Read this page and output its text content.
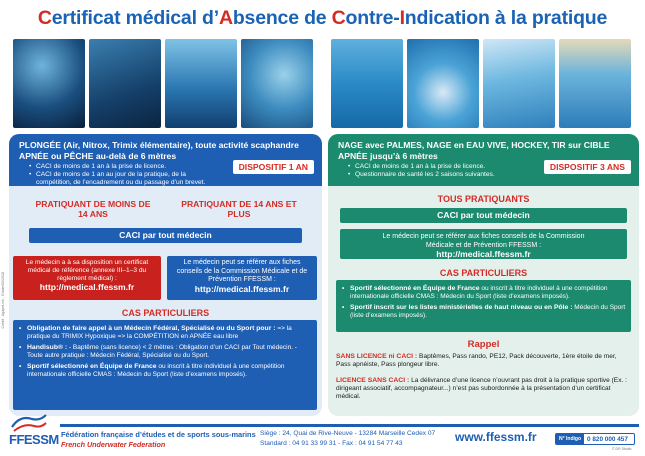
Certificat médical d’Absence de Contre-Indication à la pratique
PLONGÉE (Air, Nitrox, Trimix élémentaire), toute activité scaphandre APNÉE ou PÊCHE au-delà de 6 mètres
• CACI de moins de 1 an à la prise de licence.
• CACI de moins de 1 an au jour de la pratique, de la compétition, de l’encadrement ou du passage d’un brevet.
DISPOSITIF 1 AN
PRATIQUANT DE MOINS DE 14 ANS
PRATIQUANT DE 14 ANS ET PLUS
CACI par tout médecin
Le médecin a à sa disposition un certificat médical de référence (annexe III–1–3 du règlement médical) :
http://medical.ffessm.fr
Le médecin peut se référer aux fiches conseils de la Commission Médicale et de Prévention FFESSM :
http://medical.ffessm.fr
CAS PARTICULIERS
• Obligation de faire appel à un Médecin Fédéral, Spécialisé ou du Sport pour : => la pratique du TRIMIX Hypoxique => la COMPÉTITION en APNÉE eau libre
• Handisub® : - Baptême (sans licence) < 2 mètres : Obligation d’un CACI par Tout médecin. - Toute autre pratique : Médecin Fédéral, Spécialisé ou du Sport.
• Sportif sélectionné en Équipe de France ou inscrit à titre individuel à une compétition internationale officielle CMAS : Médecin du Sport (liste d’examens imposés).
NAGE avec PALMES, NAGE en EAU VIVE, HOCKEY, TIR sur CIBLE APNÉE jusqu’à 6 mètres
• CACI de moins de 1 an à la prise de licence.
• Questionnaire de santé les 2 saisons suivantes.
DISPOSITIF 3 ANS
TOUS PRATIQUANTS
CACI par tout médecin
Le médecin peut se référer aux fiches conseils de la Commission Médicale et de Prévention FFESSM :
http://medical.ffessm.fr
CAS PARTICULIERS
• Sportif sélectionné en Équipe de France ou inscrit à titre individuel à une compétition internationale officielle CMAS : Médecin du Sport (liste d’examens imposés).
• Sportif inscrit sur les listes ministérielles de haut niveau ou en Pôle : Médecin du Sport (liste d’examens imposés).
Rappel
SANS LICENCE ni CACI : Baptêmes, Pass rando, PE12, Pack découverte, 1ère étoile de mer, Pass apnéiste, Pass plongeur libre.
LICENCE SANS CACI : La délivrance d’une licence n’ouvrant pas droit à la pratique sportive (Ex. : dirigeant associatif, accompagnateur...) n’est pas subordonnée à la présentation d’un certificat médical.
Crédit : AgapeLink - Grade/03/2018
FFESSM Fédération française d’études et de sports sous-marins
French Underwater Federation
Siège : 24, Quai de Rive-Neuve - 13284 Marseille Cedex 07
Standard : 04 91 33 99 31 - Fax : 04 91 54 77 43	www.ffessm.fr	N° Indigo 0 820 000 457
© DR Studio
